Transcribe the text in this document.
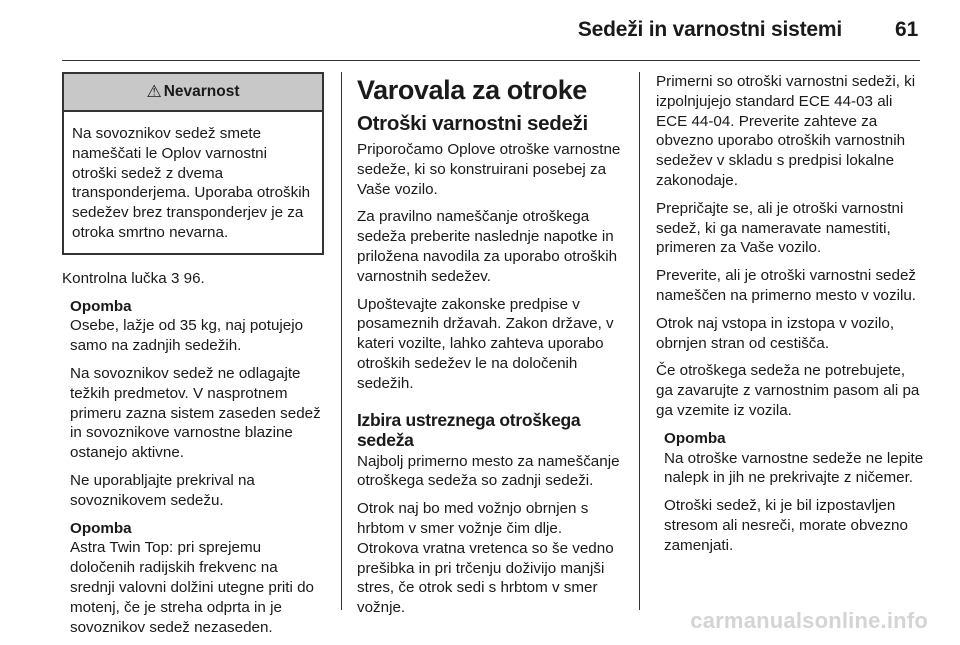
Sedeži in varnostni sistemi	61
⚠ Nevarnost
Na sovoznikov sedež smete nameščati le Oplov varnostni otroški sedež z dvema transponderjema. Uporaba otroških sedežev brez transponderjev je za otroka smrtno nevarna.

Kontrolna lučka 3 96.

Opomba

Osebe, lažje od 35 kg, naj potujejo samo na zadnjih sedežih.

Na sovoznikov sedež ne odlagajte težkih predmetov. V nasprotnem primeru zazna sistem zaseden sedež in sovoznikove varnostne blazine ostanejo aktivne.

Ne uporabljajte prekrival na sovoznikovem sedežu.

Opomba

Astra Twin Top: pri sprejemu določenih radijskih frekvenc na srednji valovni dolžini utegne priti do motenj, če je streha odprta in je sovoznikov sedež nezaseden.

Varovala za otroke
Otroški varnostni sedeži

Priporočamo Oplove otroške varnostne sedeže, ki so konstruirani posebej za Vaše vozilo.

Za pravilno nameščanje otroškega sedeža preberite naslednje napotke in priložena navodila za uporabo otroških varnostnih sedežev.

Upoštevajte zakonske predpise v posameznih državah. Zakon države, v kateri vozilte, lahko zahteva uporabo otroških sedežev le na določenih sedežih.

Izbira ustreznega otroškega sedeža

Najbolj primerno mesto za nameščanje otroškega sedeža so zadnji sedeži.

Otrok naj bo med vožnjo obrnjen s hrbtom v smer vožnje čim dlje. Otrokova vratna vretenca so še vedno prešibka in pri trčenju doživijo manjši stres, če otrok sedi s hrbtom v smer vožnje.

Primerni so otroški varnostni sedeži, ki izpolnjujejo standard ECE 44-03 ali ECE 44-04. Preverite zahteve za obvezno uporabo otroških varnostnih sedežev v skladu s predpisi lokalne zakonodaje.

Prepričajte se, ali je otroški varnostni sedež, ki ga nameravate namestiti, primeren za Vaše vozilo.

Preverite, ali je otroški varnostni sedež nameščen na primerno mesto v vozilu.

Otrok naj vstopa in izstopa v vozilo, obrnjen stran od cestišča.

Če otroškega sedeža ne potrebujete, ga zavarujte z varnostnim pasom ali pa ga vzemite iz vozila.

Opomba

Na otroške varnostne sedeže ne lepite nalepk in jih ne prekrivajte z ničemer.

Otroški sedež, ki je bil izpostavljen stresom ali nesreči, morate obvezno zamenjati.

carmanualsonline.info
